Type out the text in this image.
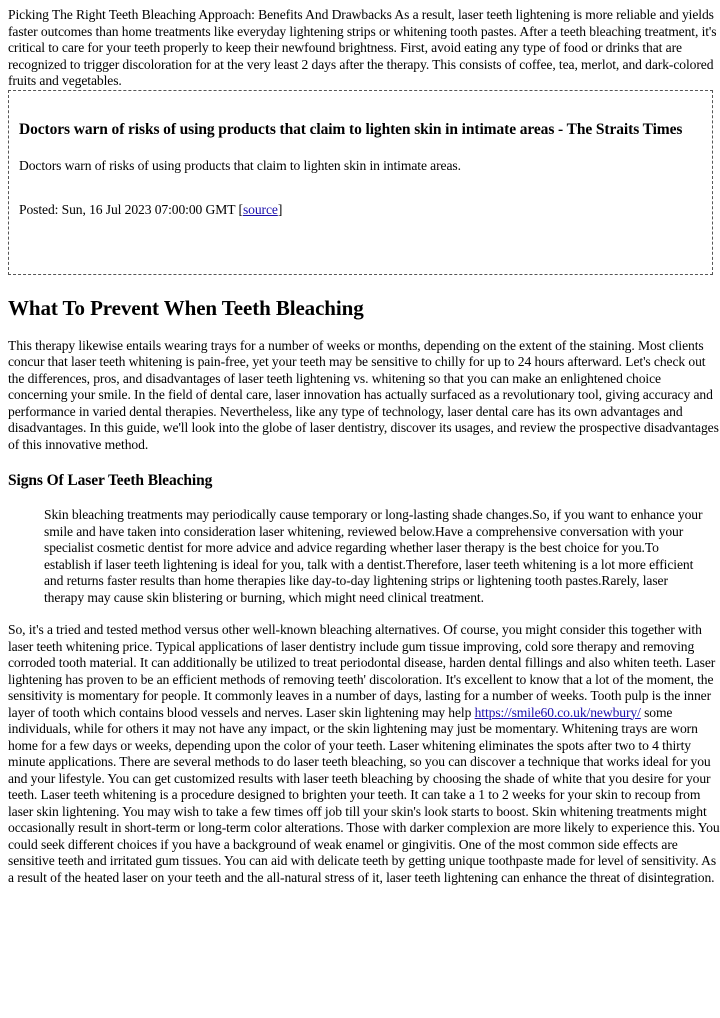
Picking The Right Teeth Bleaching Approach: Benefits And Drawbacks As a result, laser teeth lightening is more reliable and yields faster outcomes than home treatments like everyday lightening strips or whitening tooth pastes. After a teeth bleaching treatment, it's critical to care for your teeth properly to keep their newfound brightness. First, avoid eating any type of food or drinks that are recognized to trigger discoloration for at the very least 2 days after the therapy. This consists of coffee, tea, merlot, and dark-colored fruits and vegetables.

Doctors warn of risks of using products that claim to lighten skin in intimate areas - The Straits Times

Doctors warn of risks of using products that claim to lighten skin in intimate areas.

Posted: Sun, 16 Jul 2023 07:00:00 GMT [source]

What To Prevent When Teeth Bleaching

This therapy likewise entails wearing trays for a number of weeks or months, depending on the extent of the staining. Most clients concur that laser teeth whitening is pain-free, yet your teeth may be sensitive to chilly for up to 24 hours afterward. Let's check out the differences, pros, and disadvantages of laser teeth lightening vs. whitening so that you can make an enlightened choice concerning your smile. In the field of dental care, laser innovation has actually surfaced as a revolutionary tool, giving accuracy and performance in varied dental therapies. Nevertheless, like any type of technology, laser dental care has its own advantages and disadvantages. In this guide, we'll look into the globe of laser dentistry, discover its usages, and review the prospective disadvantages of this innovative method.

Signs Of Laser Teeth Bleaching
Skin bleaching treatments may periodically cause temporary or long-lasting shade changes.So, if you want to enhance your smile and have taken into consideration laser whitening, reviewed below.Have a comprehensive conversation with your specialist cosmetic dentist for more advice and advice regarding whether laser therapy is the best choice for you.To establish if laser teeth lightening is ideal for you, talk with a dentist.Therefore, laser teeth whitening is a lot more efficient and returns faster results than home therapies like day-to-day lightening strips or lightening tooth pastes.Rarely, laser therapy may cause skin blistering or burning, which might need clinical treatment.

So, it's a tried and tested method versus other well-known bleaching alternatives. Of course, you might consider this together with laser teeth whitening price. Typical applications of laser dentistry include gum tissue improving, cold sore therapy and removing corroded tooth material. It can additionally be utilized to treat periodontal disease, harden dental fillings and also whiten teeth. Laser lightening has proven to be an efficient methods of removing teeth' discoloration. It's excellent to know that a lot of the moment, the sensitivity is momentary for people. It commonly leaves in a number of days, lasting for a number of weeks. Tooth pulp is the inner layer of tooth which contains blood vessels and nerves. Laser skin lightening may help https://smile60.co.uk/newbury/ some individuals, while for others it may not have any impact, or the skin lightening may just be momentary. Whitening trays are worn home for a few days or weeks, depending upon the color of your teeth. Laser whitening eliminates the spots after two to 4 thirty minute applications. There are several methods to do laser teeth bleaching, so you can discover a technique that works ideal for you and your lifestyle. You can get customized results with laser teeth bleaching by choosing the shade of white that you desire for your teeth. Laser teeth whitening is a procedure designed to brighten your teeth. It can take a 1 to 2 weeks for your skin to recoup from laser skin lightening. You may wish to take a few times off job till your skin's look starts to boost. Skin whitening treatments might occasionally result in short-term or long-term color alterations. Those with darker complexion are more likely to experience this. You could seek different choices if you have a background of weak enamel or gingivitis. One of the most common side effects are sensitive teeth and irritated gum tissues. You can aid with delicate teeth by getting unique toothpaste made for level of sensitivity. As a result of the heated laser on your teeth and the all-natural stress of it, laser teeth lightening can enhance the threat of disintegration.
